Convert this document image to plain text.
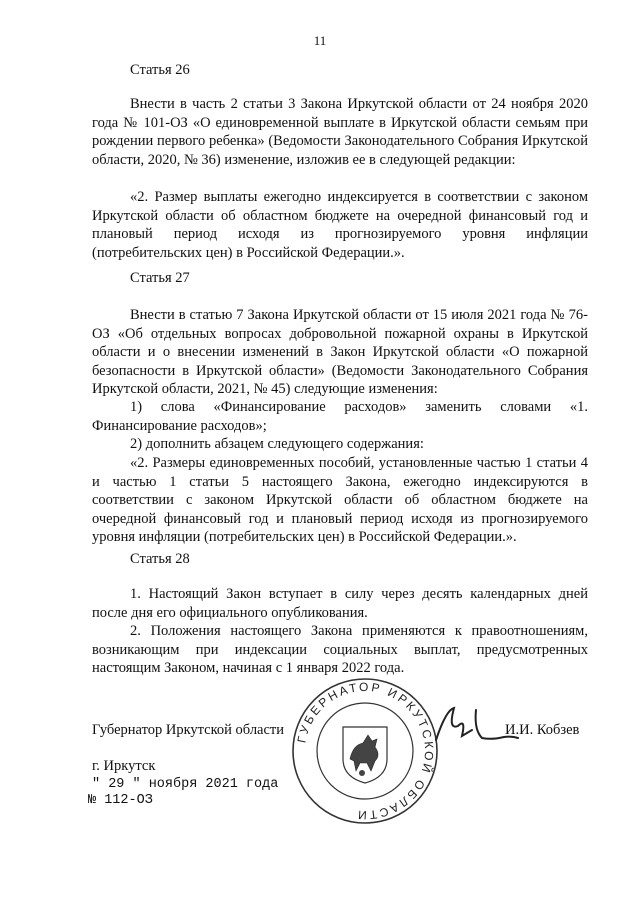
11
Статья 26

Внести в часть 2 статьи 3 Закона Иркутской области от 24 ноября 2020 года № 101-ОЗ «О единовременной выплате в Иркутской области семьям при рождении первого ребенка» (Ведомости Законодательного Собрания Иркутской области, 2020, № 36) изменение, изложив ее в следующей редакции:

«2. Размер выплаты ежегодно индексируется в соответствии с законом Иркутской области об областном бюджете на очередной финансовый год и плановый период исходя из прогнозируемого уровня инфляции (потребительских цен) в Российской Федерации.».

Статья 27

Внести в статью 7 Закона Иркутской области от 15 июля 2021 года № 76-ОЗ «Об отдельных вопросах добровольной пожарной охраны в Иркутской области и о внесении изменений в Закон Иркутской области «О пожарной безопасности в Иркутской области» (Ведомости Законодательного Собрания Иркутской области, 2021, № 45) следующие изменения:

1) слова «Финансирование расходов» заменить словами «1. Финансирование расходов»;

2) дополнить абзацем следующего содержания:

«2. Размеры единовременных пособий, установленные частью 1 статьи 4 и частью 1 статьи 5 настоящего Закона, ежегодно индексируются в соответствии с законом Иркутской области об областном бюджете на очередной финансовый год и плановый период исходя из прогнозируемого уровня инфляции (потребительских цен) в Российской Федерации.».

Статья 28

1. Настоящий Закон вступает в силу через десять календарных дней после дня его официального опубликования.

2. Положения настоящего Закона применяются к правоотношениям, возникающим при индексации социальных выплат, предусмотренных настоящим Законом, начиная с 1 января 2022 года.

ГУБЕРНАТОР ИРКУТСКОЙ ОБЛАСТИ
Губернатор Иркутской области	И.И. Кобзев
г. Иркутск
" 29 " ноября 2021 года
№ 112-ОЗ
